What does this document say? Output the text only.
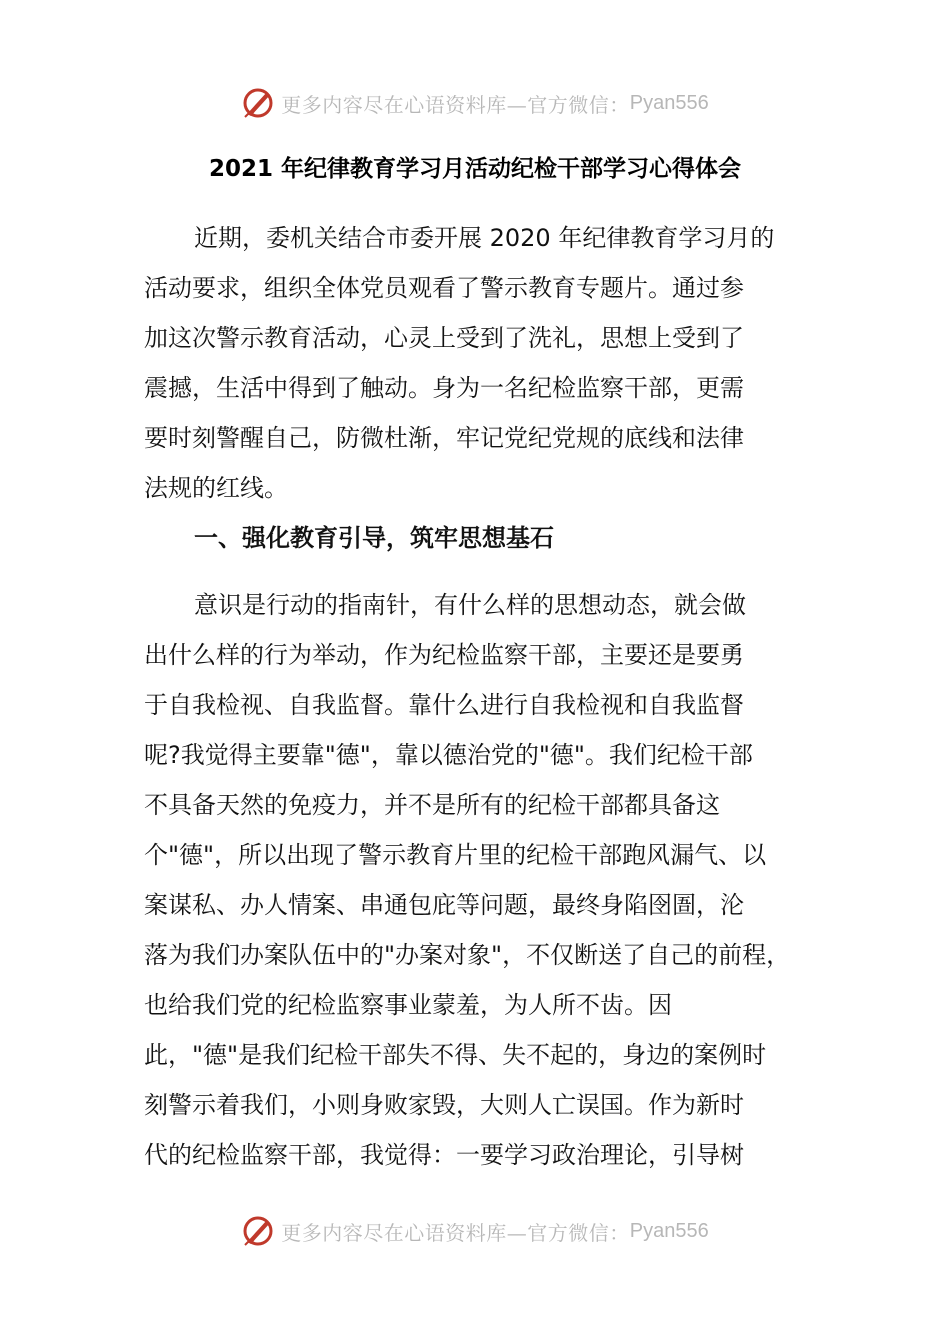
更多内容尽在心语资料库—官方微信： Pyan556
2021 年纪律教育学习月活动纪检干部学习心得体会

近期，委机关结合市委开展 2020 年纪律教育学习月的
活动要求，组织全体党员观看了警示教育专题片。通过参
加这次警示教育活动，心灵上受到了洗礼，思想上受到了
震撼，生活中得到了触动。身为一名纪检监察干部，更需
要时刻警醒自己，防微杜渐，牢记党纪党规的底线和法律
法规的红线。

一、强化教育引导，筑牢思想基石

意识是行动的指南针，有什么样的思想动态，就会做
出什么样的行为举动，作为纪检监察干部，主要还是要勇
于自我检视、自我监督。靠什么进行自我检视和自我监督
呢?我觉得主要靠"德"，靠以德治党的"德"。我们纪检干部
不具备天然的免疫力，并不是所有的纪检干部都具备这
个"德"，所以出现了警示教育片里的纪检干部跑风漏气、以
案谋私、办人情案、串通包庇等问题，最终身陷囹圄，沦
落为我们办案队伍中的"办案对象"，不仅断送了自己的前程，
也给我们党的纪检监察事业蒙羞，为人所不齿。因
此，"德"是我们纪检干部失不得、失不起的，身边的案例时
刻警示着我们，小则身败家毁，大则人亡误国。作为新时
代的纪检监察干部，我觉得：一要学习政治理论，引导树

更多内容尽在心语资料库—官方微信： Pyan556
